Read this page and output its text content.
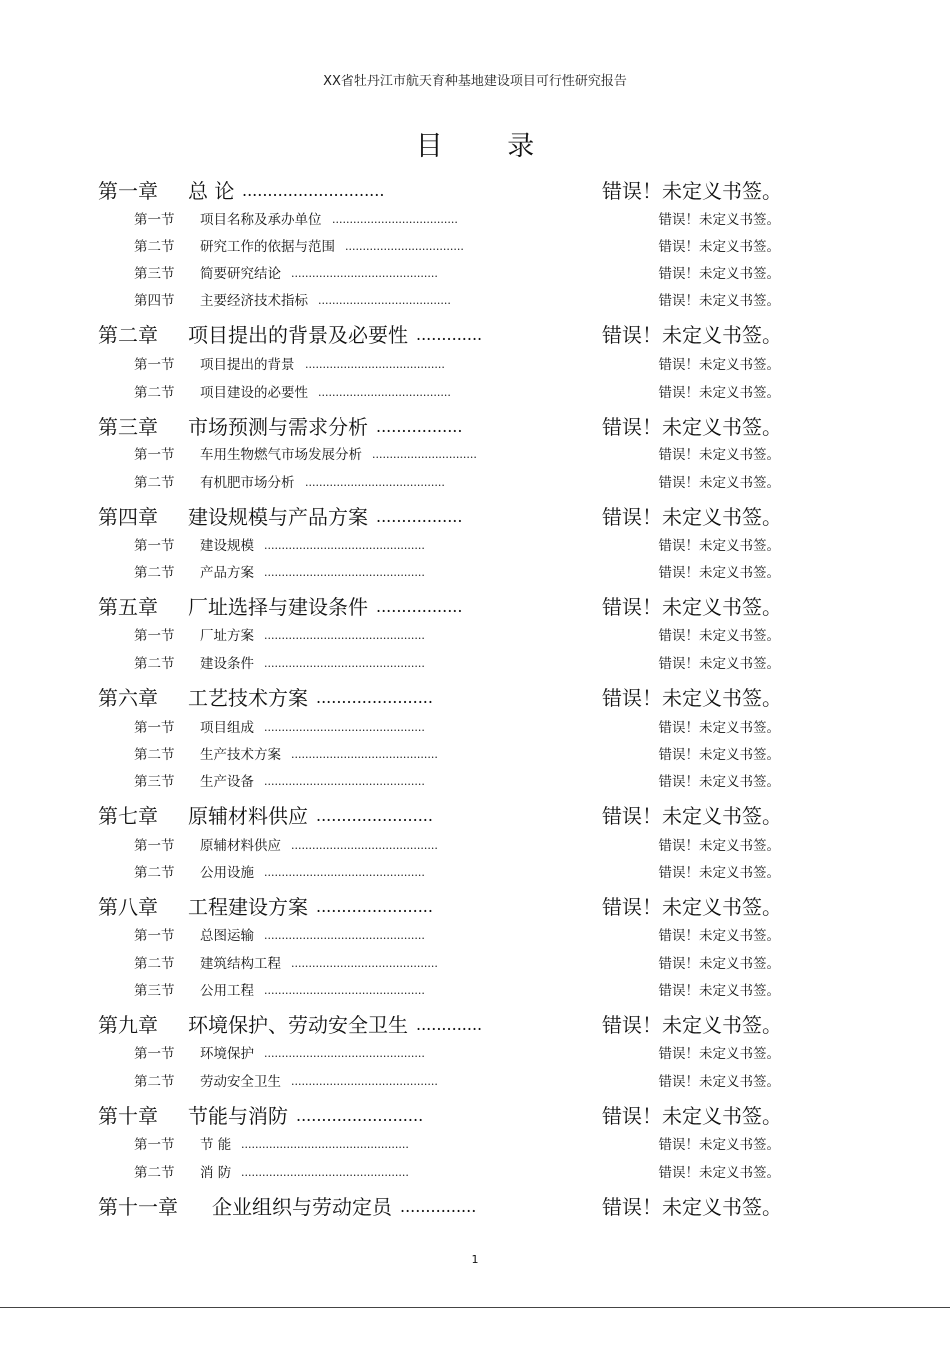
XX省牡丹江市航天育种基地建设项目可行性研究报告
目 录
第一章 总 论 ............................	错误！未定义书签。
第一节 项目名称及承办单位 ....................................	错误！未定义书签。
第二节 研究工作的依据与范围 ..................................	错误！未定义书签。
第三节 简要研究结论 ..........................................	错误！未定义书签。
第四节 主要经济技术指标 ......................................	错误！未定义书签。
第二章 项目提出的背景及必要性 .............	错误！未定义书签。
第一节 项目提出的背景 ........................................	错误！未定义书签。
第二节 项目建设的必要性 ......................................	错误！未定义书签。
第三章 市场预测与需求分析 .................	错误！未定义书签。
第一节 车用生物燃气市场发展分析 ..............................	错误！未定义书签。
第二节 有机肥市场分析 ........................................	错误！未定义书签。
第四章 建设规模与产品方案 .................	错误！未定义书签。
第一节 建设规模 ..............................................	错误！未定义书签。
第二节 产品方案 ..............................................	错误！未定义书签。
第五章 厂址选择与建设条件 .................	错误！未定义书签。
第一节 厂址方案 ..............................................	错误！未定义书签。
第二节 建设条件 ..............................................	错误！未定义书签。
第六章 工艺技术方案 .......................	错误！未定义书签。
第一节 项目组成 ..............................................	错误！未定义书签。
第二节 生产技术方案 ..........................................	错误！未定义书签。
第三节 生产设备 ..............................................	错误！未定义书签。
第七章 原辅材料供应 .......................	错误！未定义书签。
第一节 原辅材料供应 ..........................................	错误！未定义书签。
第二节 公用设施 ..............................................	错误！未定义书签。
第八章 工程建设方案 .......................	错误！未定义书签。
第一节 总图运输 ..............................................	错误！未定义书签。
第二节 建筑结构工程 ..........................................	错误！未定义书签。
第三节 公用工程 ..............................................	错误！未定义书签。
第九章 环境保护、劳动安全卫生 .............	错误！未定义书签。
第一节 环境保护 ..............................................	错误！未定义书签。
第二节 劳动安全卫生 ..........................................	错误！未定义书签。
第十章 节能与消防 .........................	错误！未定义书签。
第一节 节 能 ................................................	错误！未定义书签。
第二节 消 防 ................................................	错误！未定义书签。
第十一章 企业组织与劳动定员 ...............	错误！未定义书签。
1
